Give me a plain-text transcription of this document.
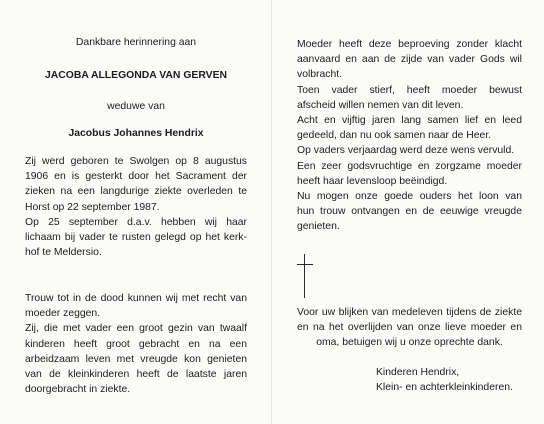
Dankbare herinnering aan
JACOBA ALLEGONDA VAN GERVEN
weduwe van
Jacobus Johannes Hendrix
Zij werd geboren te Swolgen op 8 augustus
1906 en is gesterkt door het Sacrament der
zieken na een langdurige ziekte overleden te
Horst op 22 september 1987.
Op 25 september d.a.v. hebben wij haar
lichaam bij vader te rusten gelegd op het kerk-
hof te Meldersio.
Trouw tot in de dood kunnen wij met recht van
moeder zeggen.
Zij, die met vader een groot gezin van twaalf
kinderen heeft groot gebracht en na een
arbeidzaam leven met vreugde kon genieten
van de kleinkinderen heeft de laatste jaren
doorgebracht in ziekte.
Moeder heeft deze beproeving zonder klacht
aanvaard en aan de zijde van vader Gods wil
volbracht.
Toen vader stierf, heeft moeder bewust
afscheid willen nemen van dit leven.
Acht en vijftig jaren lang samen lief en leed
gedeeld, dan nu ook samen naar de Heer.
Op vaders verjaardag werd deze wens vervuld.
Een zeer godsvruchtige en zorgzame moeder
heeft haar levensloop beëindigd.
Nu mogen onze goede ouders het loon van
hun trouw ontvangen en de eeuwige vreugde
genieten.
Voor uw blijken van medeleven tijdens de ziekte
en na het overlijden van onze lieve moeder en
oma, betuigen wij u onze oprechte dank.
Kinderen Hendrix,
Klein- en achterkleinkinderen.
